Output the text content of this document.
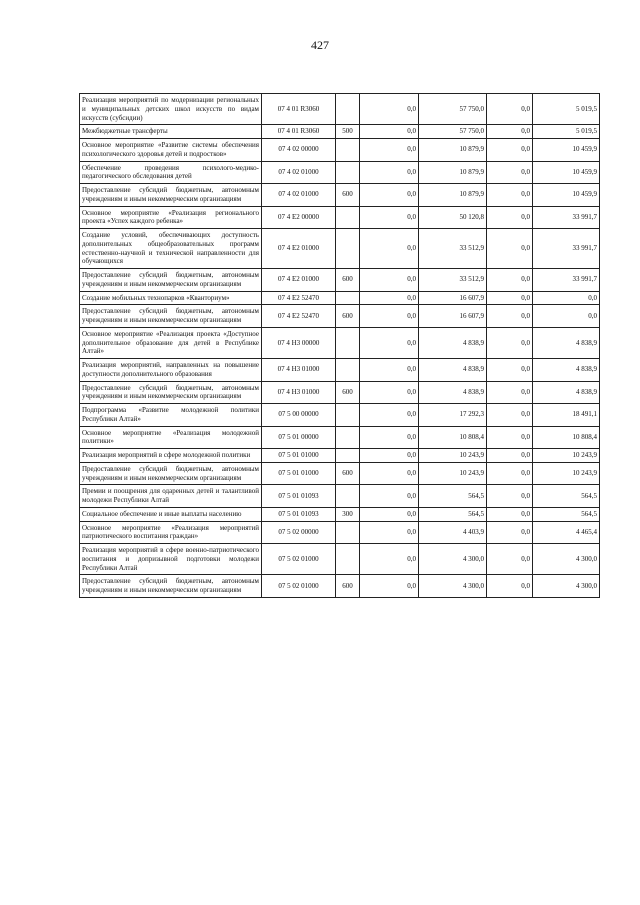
427
Реализация мероприятий по модернизации региональных и муниципальных детских школ искусств по видам искусств (субсидии)	07 4 01 R3060		0,0	57 750,0	0,0	5 019,5
Межбюджетные трансферты	07 4 01 R3060	500	0,0	57 750,0	0,0	5 019,5
Основное мероприятие «Развитие системы обеспечения психологического здоровья детей и подростков»	07 4 02 00000		0,0	10 879,9	0,0	10 459,9
Обеспечение проведения психолого-медико-педагогического обследования детей	07 4 02 01000		0,0	10 879,9	0,0	10 459,9
Предоставление субсидий бюджетным, автономным учреждениям и иным некоммерческим организациям	07 4 02 01000	600	0,0	10 879,9	0,0	10 459,9
Основное мероприятие «Реализация регионального проекта «Успех каждого ребенка»	07 4 E2 00000		0,0	50 120,8	0,0	33 991,7
Создание условий, обеспечивающих доступность дополнительных общеобразовательных программ естественно-научной и технической направленности для обучающихся	07 4 E2 01000		0,0	33 512,9	0,0	33 991,7
Предоставление субсидий бюджетным, автономным учреждениям и иным некоммерческим организациям	07 4 E2 01000	600	0,0	33 512,9	0,0	33 991,7
Создание мобильных технопарков «Кванториум»	07 4 E2 52470		0,0	16 607,9	0,0	0,0
Предоставление субсидий бюджетным, автономным учреждениям и иным некоммерческим организациям	07 4 E2 52470	600	0,0	16 607,9	0,0	0,0
Основное мероприятие «Реализация проекта «Доступное дополнительное образование для детей в Республике Алтай»	07 4 H3 00000		0,0	4 838,9	0,0	4 838,9
Реализация мероприятий, направленных на повышение доступности дополнительного образования	07 4 H3 01000		0,0	4 838,9	0,0	4 838,9
Предоставление субсидий бюджетным, автономным учреждениям и иным некоммерческим организациям	07 4 H3 01000	600	0,0	4 838,9	0,0	4 838,9
Подпрограмма «Развитие молодежной политики Республики Алтай»	07 5 00 00000		0,0	17 292,3	0,0	18 491,1
Основное мероприятие «Реализация молодежной политики»	07 5 01 00000		0,0	10 808,4	0,0	10 808,4
Реализация мероприятий в сфере молодежной политики	07 5 01 01000		0,0	10 243,9	0,0	10 243,9
Предоставление субсидий бюджетным, автономным учреждениям и иным некоммерческим организациям	07 5 01 01000	600	0,0	10 243,9	0,0	10 243,9
Премии и поощрения для одаренных детей и талантливой молодежи Республики Алтай	07 5 01 01093		0,0	564,5	0,0	564,5
Социальное обеспечение и иные выплаты населению	07 5 01 01093	300	0,0	564,5	0,0	564,5
Основное мероприятие «Реализация мероприятий патриотического воспитания граждан»	07 5 02 00000		0,0	4 403,9	0,0	4 465,4
Реализация мероприятий в сфере военно-патриотического воспитания и допризывной подготовки молодежи Республики Алтай	07 5 02 01000		0,0	4 300,0	0,0	4 300,0
Предоставление субсидий бюджетным, автономным учреждениям и иным некоммерческим организациям	07 5 02 01000	600	0,0	4 300,0	0,0	4 300,0
